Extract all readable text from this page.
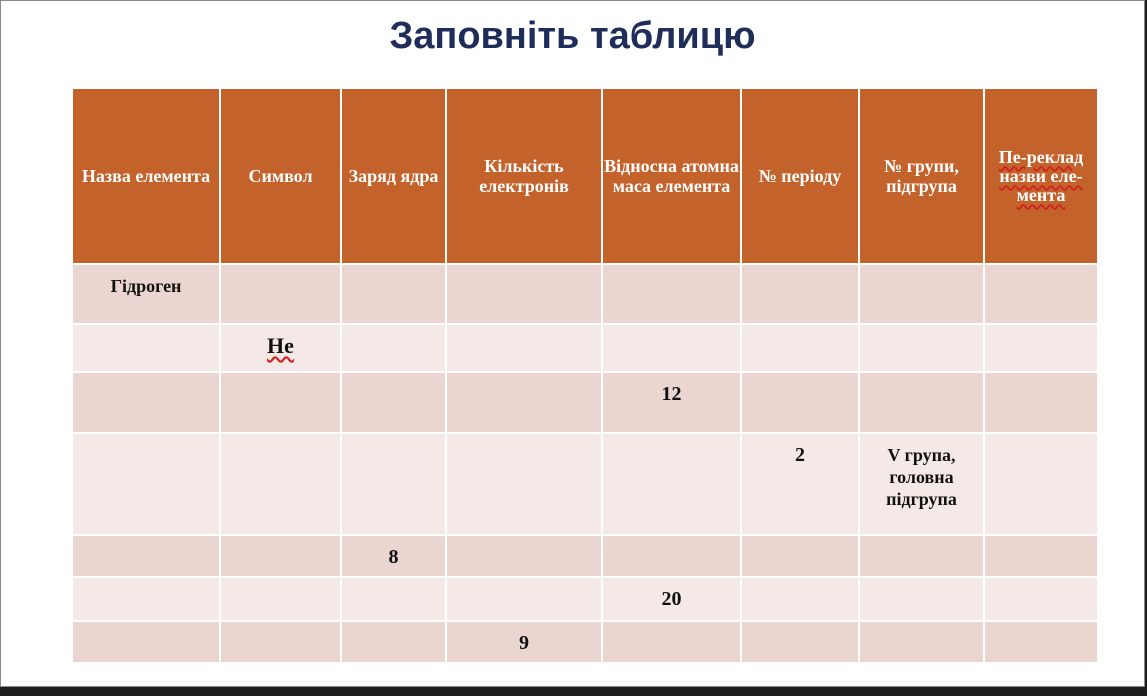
Заповніть таблицю
Назва елемента	Символ	Заряд ядра	Кількість електронів	Відносна атомна маса елемента	№ періоду	№ групи, підгрупа	Пе-реклад назви еле-мента
Гідроген							
	He						
				12			
					2	V група, головна підгрупа	
		8					
				20			
			9				
